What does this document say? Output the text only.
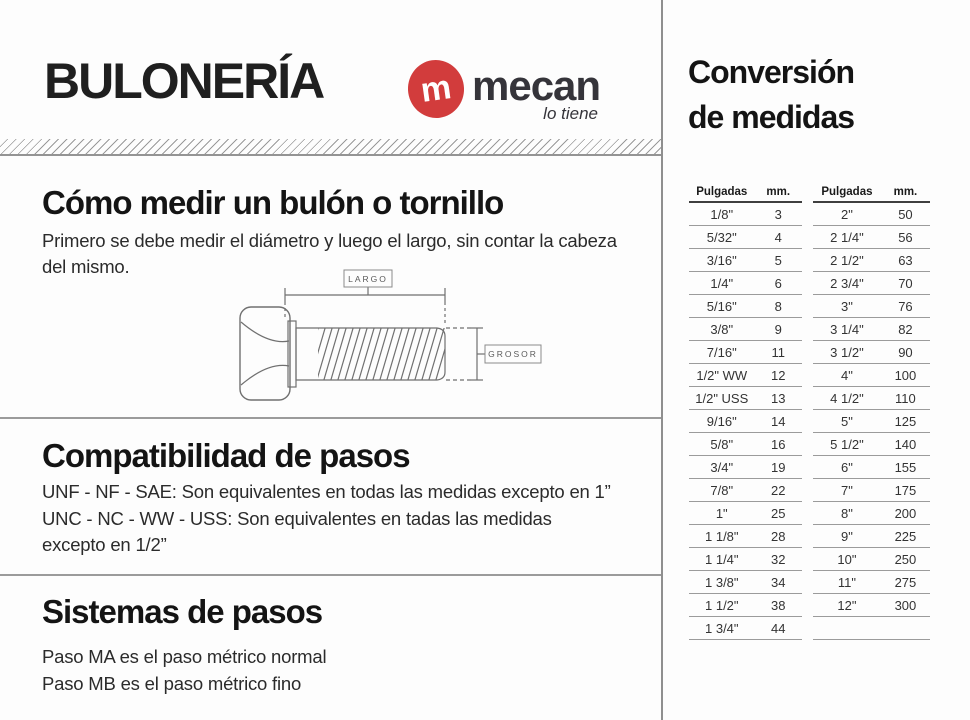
BULONERÍA	m mecan
lo tiene
Cómo medir un bulón o tornillo
Primero se debe medir el diámetro y luego el largo, sin contar la cabeza del mismo.
LARGO
GROSOR
Compatibilidad de pasos
UNF - NF - SAE: Son equivalentes en todas las medidas excepto en 1”
UNC - NC - WW - USS: Son equivalentes en tadas las medidas excepto en 1/2”
Sistemas de pasos
Paso MA es el paso métrico normal
Paso MB es el paso métrico fino
Conversión
de medidas
Pulgadas	mm.
1/8"	3
5/32"	4
3/16"	5
1/4"	6
5/16"	8
3/8"	9
7/16"	11
1/2" WW	12
1/2" USS	13
9/16"	14
5/8"	16
3/4"	19
7/8"	22
1"	25
1 1/8"	28
1 1/4"	32
1 3/8"	34
1 1/2"	38
1 3/4"	44
Pulgadas	mm.
2"	50
2 1/4"	56
2 1/2"	63
2 3/4"	70
3"	76
3 1/4"	82
3 1/2"	90
4"	100
4 1/2"	110
5"	125
5 1/2"	140
6"	155
7"	175
8"	200
9"	225
10"	250
11"	275
12"	300
